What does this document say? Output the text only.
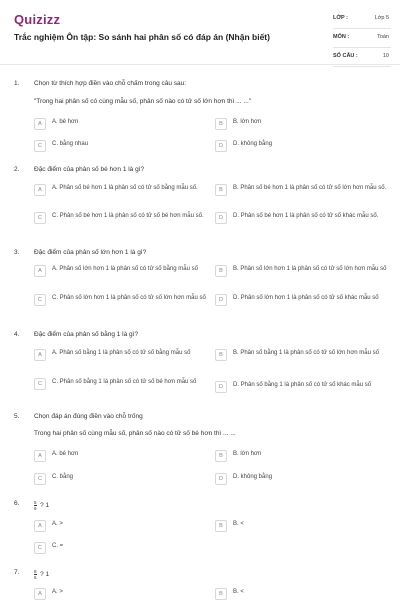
Quizizz
Trắc nghiệm Ôn tập: So sánh hai phân số có đáp án (Nhận biết)
LỚP :	Lớp 5
MÔN :	Toán
SỐ CÂU :	10
1. Chọn từ thích hợp điền vào chỗ chấm trong câu sau:
"Trong hai phân số có cùng mẫu số, phân số nào có tử số lớn hơn thì ... ..."
A	A. bé hơn	B	B. lớn hơn
C	C. bằng nhau	D	D. không bằng
2. Đặc điểm của phân số bé hơn 1 là gì?
A	A. Phân số bé hơn 1 là phân số có tử số bằng mẫu số.	B	B. Phân số bé hơn 1 là phân số có tử số lớn hơn mẫu số.
C	C. Phân số bé hơn 1 là phân số có tử số bé hơn mẫu số.	D	D. Phân số bé hơn 1 là phân số có tử số khác mẫu số.
3. Đặc điểm của phân số lớn hơn 1 là gì?
A	A. Phân số lớn hơn 1 là phân số có tử số bằng mẫu số	B	B. Phân số lớn hơn 1 là phân số có tử số lớn hơn mẫu số
C	C. Phân số lớn hơn 1 là phân số có tử số lớn hơn mẫu số	D	D. Phân số lớn hơn 1 là phân số có tử số khác mẫu số
4. Đặc điểm của phân số bằng 1 là gì?
A	A. Phân số bằng 1 là phân số có tử số bằng mẫu số	B	B. Phân số bằng 1 là phân số có tử số lớn hơn mẫu số
C	C. Phân số bằng 1 là phân số có tử số bé hơn mẫu số
D	D. Phân số bằng 1 là phân số có tử số khác mẫu số
5. Chọn đáp án đúng điền vào chỗ trống
Trong hai phân số cùng mẫu số, phân số nào có tử số bé hơn thì ... ...
A	A. bé hơn	B	B. lớn hơn
C	C. bằng	D	D. không bằng
6.	$\frac{5}{6}$ ? 1
A	A. >	B	B. <
C	C. =
7.	$\frac{8}{5}$ ? 1
A	A. >	B	B. <
